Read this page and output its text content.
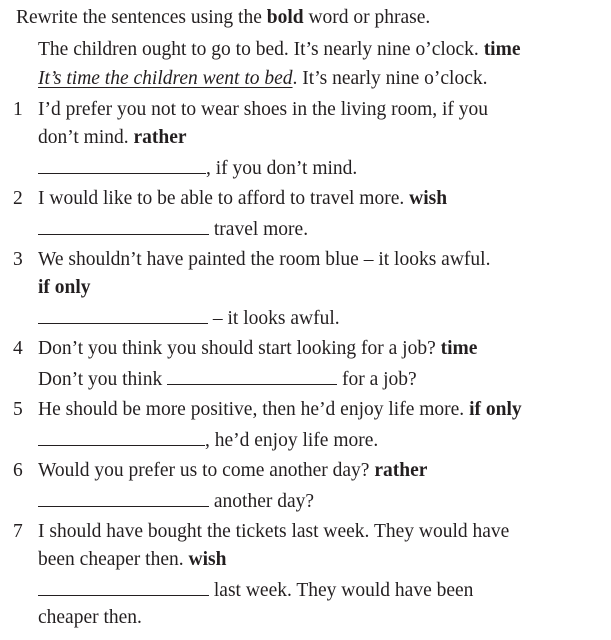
Rewrite the sentences using the bold word or phrase.
The children ought to go to bed. It’s nearly nine o’clock. time
It’s time the children went to bed. It’s nearly nine o’clock.
1 I’d prefer you not to wear shoes in the living room, if you
don’t mind. rather
, if you don’t mind.
2 I would like to be able to afford to travel more. wish
travel more.
3 We shouldn’t have painted the room blue – it looks awful.
if only
– it looks awful.
4 Don’t you think you should start looking for a job? time
Don’t you think	for a job?
5 He should be more positive, then he’d enjoy life more. if only
, he’d enjoy life more.
6 Would you prefer us to come another day? rather
another day?
7 I should have bought the tickets last week. They would have
been cheaper then. wish
last week. They would have been
cheaper then.
